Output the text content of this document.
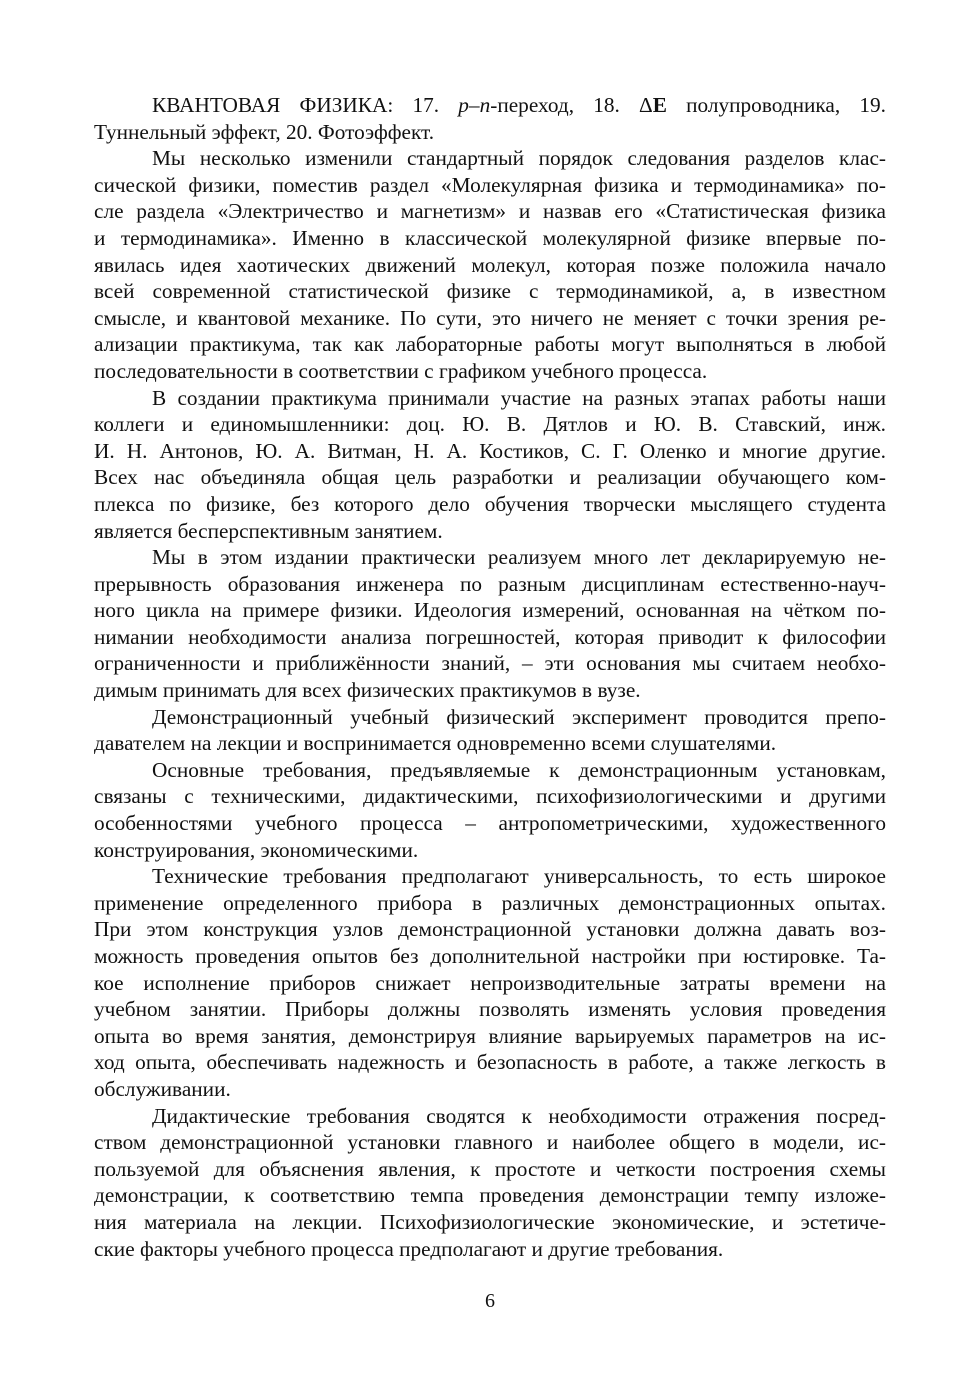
КВАНТОВАЯ ФИЗИКА: 17. p–n-переход, 18. ΔE полупроводника, 19.
Туннельный эффект, 20. Фотоэффект.

Мы несколько изменили стандартный порядок следования разделов клас-
сической физики, поместив раздел «Молекулярная физика и термодинамика» по-
сле раздела «Электричество и магнетизм» и назвав его «Статистическая физика
и термодинамика». Именно в классической молекулярной физике впервые по-
явилась идея хаотических движений молекул, которая позже положила начало
всей современной статистической физике с термодинамикой, а, в известном
смысле, и квантовой механике. По сути, это ничего не меняет с точки зрения ре-
ализации практикума, так как лабораторные работы могут выполняться в любой
последовательности в соответствии с графиком учебного процесса.

В создании практикума принимали участие на разных этапах работы наши
коллеги и единомышленники: доц. Ю. В. Дятлов и Ю. В. Ставский, инж.
И. Н. Антонов, Ю. А. Витман, Н. А. Костиков, С. Г. Оленко и многие другие.
Всех нас объединяла общая цель разработки и реализации обучающего ком-
плекса по физике, без которого дело обучения творчески мыслящего студента
является бесперспективным занятием.

Мы в этом издании практически реализуем много лет декларируемую не-
прерывность образования инженера по разным дисциплинам естественно-науч-
ного цикла на примере физики. Идеология измерений, основанная на чётком по-
нимании необходимости анализа погрешностей, которая приводит к философии
ограниченности и приближённости знаний, – эти основания мы считаем необхо-
димым принимать для всех физических практикумов в вузе.

Демонстрационный учебный физический эксперимент проводится препо-
давателем на лекции и воспринимается одновременно всеми слушателями.

Основные требования, предъявляемые к демонстрационным установкам,
связаны с техническими, дидактическими, психофизиологическими и другими
особенностями учебного процесса – антропометрическими, художественного
конструирования, экономическими.

Технические требования предполагают универсальность, то есть широкое
применение определенного прибора в различных демонстрационных опытах.
При этом конструкция узлов демонстрационной установки должна давать воз-
можность проведения опытов без дополнительной настройки при юстировке. Та-
кое исполнение приборов снижает непроизводительные затраты времени на
учебном занятии. Приборы должны позволять изменять условия проведения
опыта во время занятия, демонстрируя влияние варьируемых параметров на ис-
ход опыта, обеспечивать надежность и безопасность в работе, а также легкость в
обслуживании.

Дидактические требования сводятся к необходимости отражения посред-
ством демонстрационной установки главного и наиболее общего в модели, ис-
пользуемой для объяснения явления, к простоте и четкости построения схемы
демонстрации, к соответствию темпа проведения демонстрации темпу изложе-
ния материала на лекции. Психофизиологические экономические, и эстетиче-
ские факторы учебного процесса предполагают и другие требования.

6
